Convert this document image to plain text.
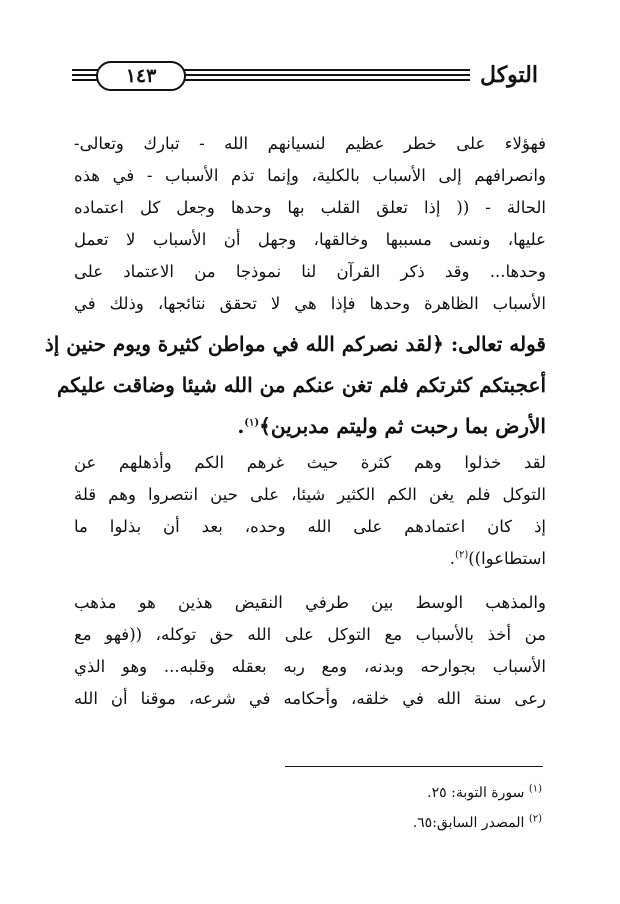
التوكل
١٤٣
فهؤلاء على خطر عظيم لنسيانهم الله - تبارك وتعالى-
وانصرافهم إلى الأسباب بالكلية، وإنما تذم الأسباب - في هذه
الحالة - (( إذا تعلق القلب بها وحدها وجعل كل اعتماده
عليها، ونسى مسببها وخالقها، وجهل أن الأسباب لا تعمل
وحدها... وقد ذكر القرآن لنا نموذجا من الاعتماد على
الأسباب الظاهرة وحدها فإذا هي لا تحقق نتائجها، وذلك في
قوله تعالى: ﴿لقد نصركم الله في مواطن كثيرة ويوم حنين إذ
أعجبتكم كثرتكم فلم تغن عنكم من الله شيئا وضاقت عليكم
الأرض بما رحبت ثم وليتم مدبرين﴾$^{(١)}$.
لقد خذلوا وهم كثرة حيث غرهم الكم وأذهلهم عن
التوكل فلم يغن الكم الكثير شيئا، على حين انتصروا وهم قلة
إذ كان اعتمادهم على الله وحده، بعد أن بذلوا ما
استطاعوا))$^{(٢)}$.
والمذهب الوسط بين طرفي النقيض هذين هو مذهب
من أخذ بالأسباب مع التوكل على الله حق توكله، ((فهو مع
الأسباب بجوارحه وبدنه، ومع ربه بعقله وقلبه... وهو الذي
رعى سنة الله في خلقه، وأحكامه في شرعه، موقنا أن الله
$^{(١)}$ سورة التوبة: ٢٥.
$^{(٢)}$ المصدر السابق:٦٥.
